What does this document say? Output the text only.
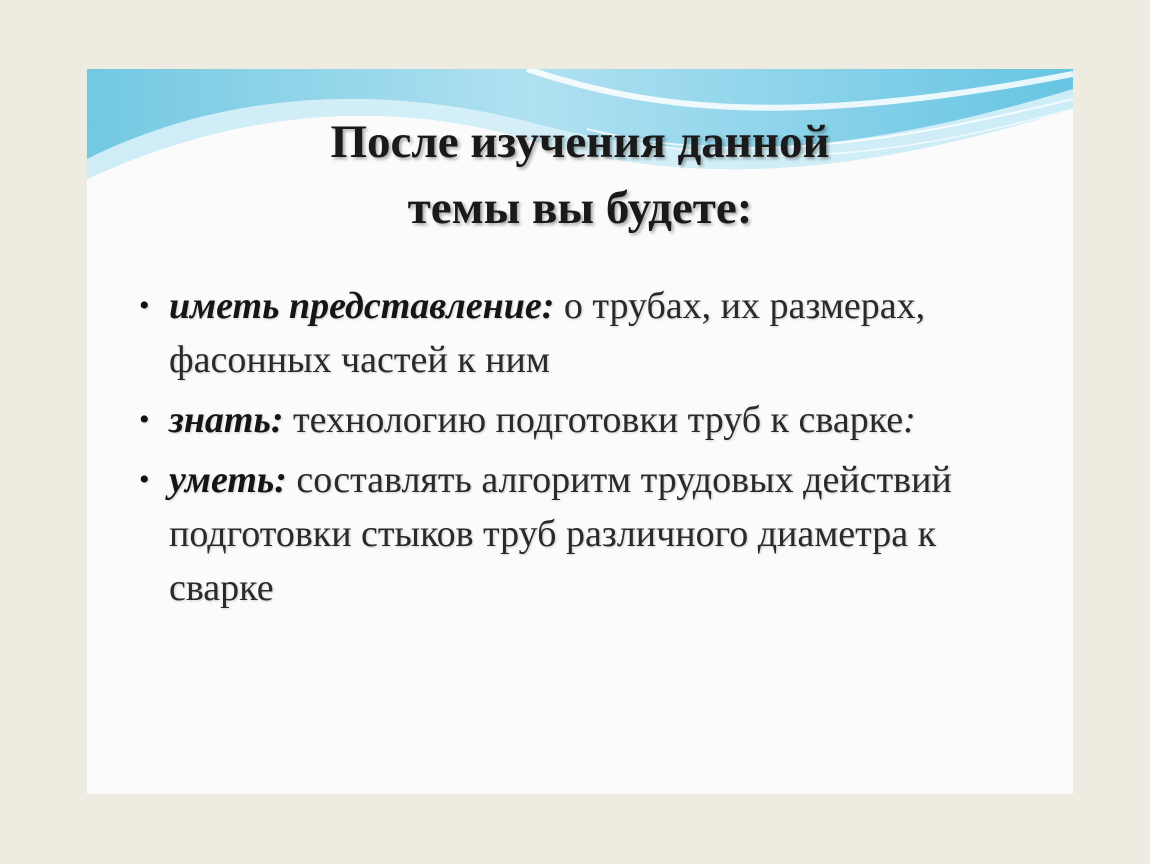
После изучения данной
темы вы будете:
• иметь представление: о трубах, их размерах, фасонных частей к ним
• знать: технологию подготовки труб к сварке:
• уметь: составлять алгоритм трудовых действий подготовки стыков труб различного диаметра к сварке
